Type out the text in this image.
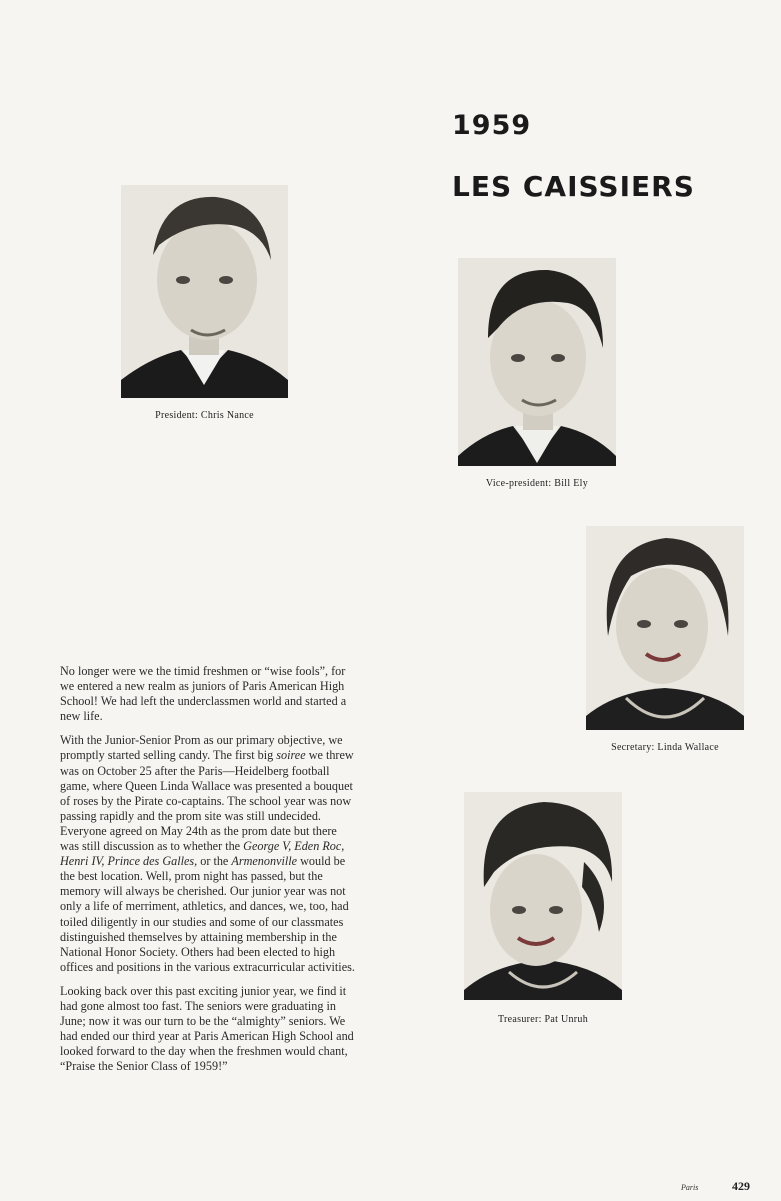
1959
LES CAISSIERS
President: Chris Nance
Vice-president: Bill Ely
Secretary: Linda Wallace
Treasurer: Pat Unruh

No longer were we the timid freshmen or “wise fools”, for we entered a new realm as juniors of Paris American High School! We had left the underclassmen world and started a new life.

With the Junior-Senior Prom as our primary objective, we promptly started selling candy. The first big soiree we threw was on October 25 after the Paris—Heidelberg football game, where Queen Linda Wallace was presented a bouquet of roses by the Pirate co-captains. The school year was now passing rapidly and the prom site was still undecided. Everyone agreed on May 24th as the prom date but there was still discussion as to whether the George V, Eden Roc, Henri IV, Prince des Galles, or the Armenonville would be the best location. Well, prom night has passed, but the memory will always be cherished. Our junior year was not only a life of merriment, athletics, and dances, we, too, had toiled diligently in our studies and some of our classmates distinguished themselves by attaining membership in the National Honor Society. Others had been elected to high offices and positions in the various extracurricular activities.

Looking back over this past exciting junior year, we find it had gone almost too fast. The seniors were graduating in June; now it was our turn to be the “almighty” seniors. We had ended our third year at Paris American High School and looked forward to the day when the freshmen would chant, “Praise the Senior Class of 1959!”

Paris	429
